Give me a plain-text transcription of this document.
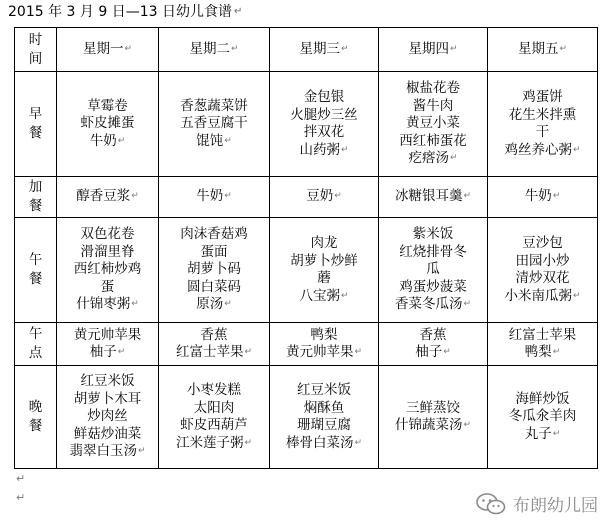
2015 年 3 月 9 日—13 日幼儿食谱 ↵
时
间	星期一↵	星期二↵	星期三↵	星期四↵	星期五↵

早
餐	草霉卷
虾皮摊蛋
牛奶↵	香葱蔬菜饼
五香豆腐干
馄饨↵	金包银
火腿炒三丝
拌双花
山药粥↵	椒盐花卷
酱牛肉
黄豆小菜
西红柿蛋花
疙瘩汤↵	鸡蛋饼
花生米拌熏
干
鸡丝养心粥↵

加
餐	醇香豆浆↵	牛奶↵	豆奶↵	冰糖银耳羹↵	牛奶↵

午
餐	双色花卷
滑溜里脊
西红柿炒鸡
蛋
什锦枣粥↵	肉沫香菇鸡
蛋面
胡萝卜码
圆白菜码
原汤↵	肉龙
胡萝卜炒鲜
蘑
八宝粥↵	紫米饭
红烧排骨冬
瓜
鸡蛋炒菠菜
香菜冬瓜汤↵	豆沙包
田园小炒
清炒双花
小米南瓜粥↵

午
点	黄元帅苹果
柚子↵	香蕉
红富士苹果↵	鸭梨
黄元帅苹果↵	香蕉
柚子↵	红富士苹果
鸭梨↵

晚
餐	红豆米饭
胡萝卜木耳
炒肉丝
鲜菇炒油菜
翡翠白玉汤↵	小枣发糕
太阳肉
虾皮西葫芦
江米莲子粥↵	红豆米饭
焖酥鱼
珊瑚豆腐
棒骨白菜汤↵	三鲜蒸饺
什锦蔬菜汤↵	海鲜炒饭
冬瓜氽羊肉
丸子↵
↵
↵	布朗幼儿园
